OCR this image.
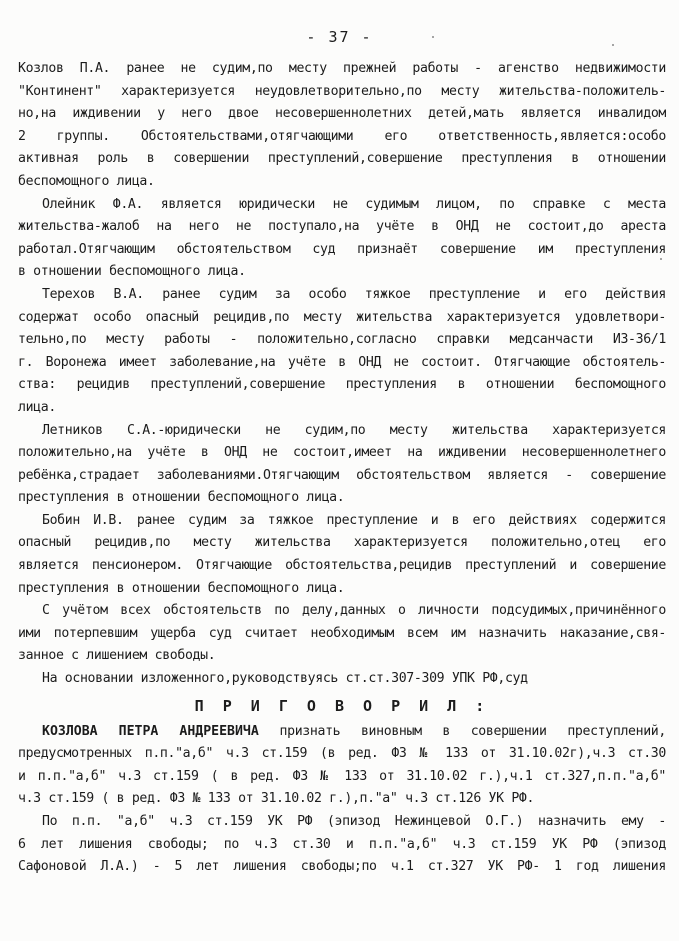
- 37 -
Козлов П.А. ранее не судим,по месту прежней работы - агенство недвижимости
"Континент" характеризуется неудовлетворительно,по месту жительства-положитель-
но,на иждивении у него двое несовершеннолетних детей,мать является инвалидом
2 группы. Обстоятельствами,отягчающими его ответственность,является:особо
активная роль в совершении преступлений,совершение преступления в отношении
беспомощного лица.
Олейник Ф.А. является юридически не судимым лицом, по справке с места
жительства-жалоб на него не поступало,на учёте в ОНД не состоит,до ареста
работал.Отягчающим обстоятельством суд признаёт совершение им преступления
в отношении беспомощного лица.
Терехов В.А. ранее судим за особо тяжкое преступление и его действия
содержат особо опасный рецидив,по месту жительства характеризуется удовлетвори-
тельно,по месту работы - положительно,согласно справки медсанчасти ИЗ-36/1
г. Воронежа имеет заболевание,на учёте в ОНД не состоит. Отягчающие обстоятель-
ства: рецидив преступлений,совершение преступления в отношении беспомощного
лица.
Летников С.А.-юридически не судим,по месту жительства характеризуется
положительно,на учёте в ОНД не состоит,имеет на иждивении несовершеннолетнего
ребёнка,страдает заболеваниями.Отягчающим обстоятельством является - совершение
преступления в отношении беспомощного лица.
Бобин И.В. ранее судим за тяжкое преступление и в его действиях содержится
опасный рецидив,по месту жительства характеризуется положительно,отец его
является пенсионером. Отягчающие обстоятельства,рецидив преступлений и совершение
преступления в отношении беспомощного лица.
С учётом всех обстоятельств по делу,данных о личности подсудимых,причинённого
ими потерпевшим ущерба суд считает необходимым всем им назначить наказание,свя-
занное с лишением свободы.
На основании изложенного,руководствуясь ст.ст.307-309 УПК РФ,суд
П Р И Г О В О Р И Л :
КОЗЛОВА ПЕТРА АНДРЕЕВИЧА признать виновным в совершении преступлений,
предусмотренных п.п."а,б" ч.3 ст.159 (в ред. ФЗ № 133 от 31.10.02г),ч.3 ст.30
и п.п."а,б" ч.3 ст.159 ( в ред. ФЗ № 133 от 31.10.02 г.),ч.1 ст.327,п.п."а,б"
ч.3 ст.159 ( в ред. ФЗ № 133 от 31.10.02 г.),п."а" ч.3 ст.126 УК РФ.
По п.п. "а,б" ч.3 ст.159 УК РФ (эпизод Нежинцевой О.Г.) назначить ему -
6 лет лишения свободы; по ч.3 ст.30 и п.п."а,б" ч.3 ст.159 УК РФ (эпизод
Сафоновой Л.А.) - 5 лет лишения свободы;по ч.1 ст.327 УК РФ- 1 год лишения
